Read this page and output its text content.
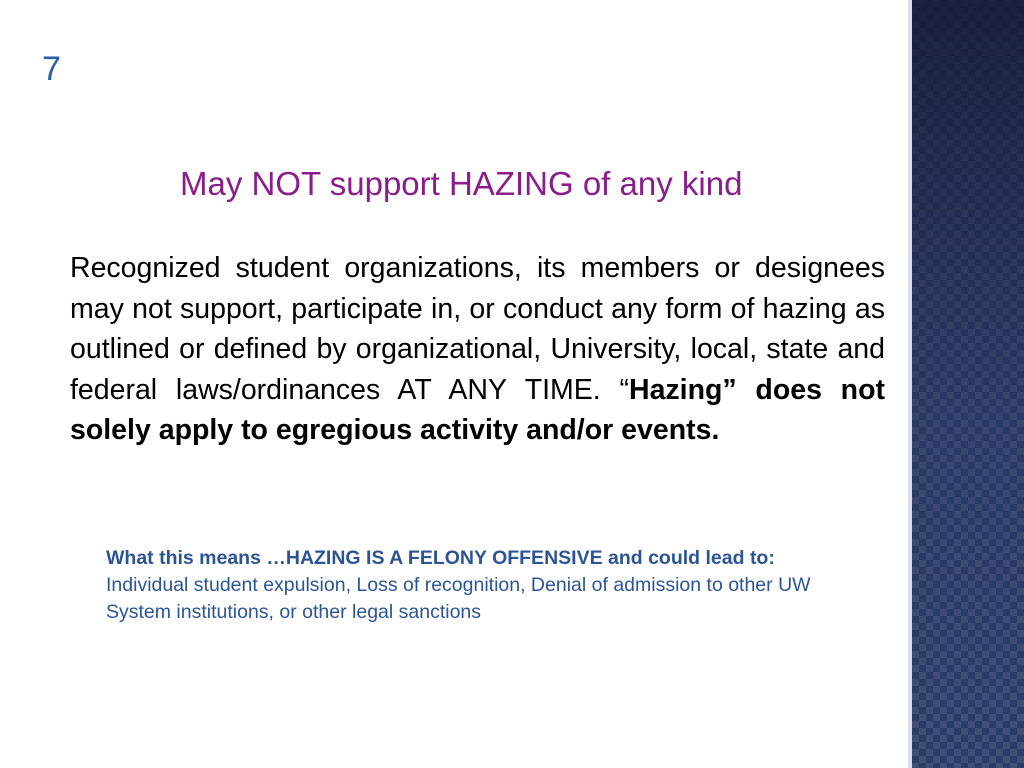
7
May NOT support HAZING of any kind
Recognized student organizations, its members or designees may not support, participate in, or conduct any form of hazing as outlined or defined by organizational, University, local, state and federal laws/ordinances AT ANY TIME. “Hazing” does not solely apply to egregious activity and/or events.
What this means …HAZING IS A FELONY OFFENSIVE and could lead to:
Individual student expulsion, Loss of recognition, Denial of admission to other UW System institutions, or other legal sanctions
